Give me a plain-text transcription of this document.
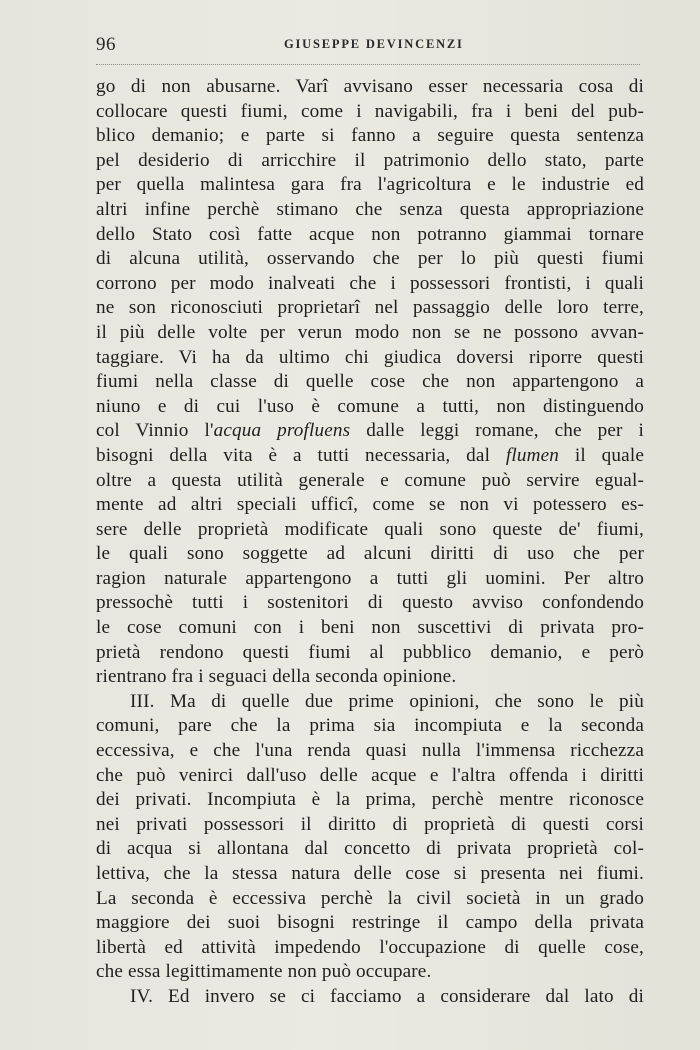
96	GIUSEPPE DEVINCENZI
go di non abusarne. Varî avvisano esser necessaria cosa di
collocare questi fiumi, come i navigabili, fra i beni del pub-
blico demanio; e parte si fanno a seguire questa sentenza
pel desiderio di arricchire il patrimonio dello stato, parte
per quella malintesa gara fra l'agricoltura e le industrie ed
altri infine perchè stimano che senza questa appropriazione
dello Stato così fatte acque non potranno giammai tornare
di alcuna utilità, osservando che per lo più questi fiumi
corrono per modo inalveati che i possessori frontisti, i quali
ne son riconosciuti proprietarî nel passaggio delle loro terre,
il più delle volte per verun modo non se ne possono avvan-
taggiare. Vi ha da ultimo chi giudica doversi riporre questi
fiumi nella classe di quelle cose che non appartengono a
niuno e di cui l'uso è comune a tutti, non distinguendo
col Vinnio l'acqua profluens dalle leggi romane, che per i
bisogni della vita è a tutti necessaria, dal flumen il quale
oltre a questa utilità generale e comune può servire egual-
mente ad altri speciali ufficî, come se non vi potessero es-
sere delle proprietà modificate quali sono queste de' fiumi,
le quali sono soggette ad alcuni diritti di uso che per
ragion naturale appartengono a tutti gli uomini. Per altro
pressochè tutti i sostenitori di questo avviso confondendo
le cose comuni con i beni non suscettivi di privata pro-
prietà rendono questi fiumi al pubblico demanio, e però
rientrano fra i seguaci della seconda opinione.
III. Ma di quelle due prime opinioni, che sono le più
comuni, pare che la prima sia incompiuta e la seconda
eccessiva, e che l'una renda quasi nulla l'immensa ricchezza
che può venirci dall'uso delle acque e l'altra offenda i diritti
dei privati. Incompiuta è la prima, perchè mentre riconosce
nei privati possessori il diritto di proprietà di questi corsi
di acqua si allontana dal concetto di privata proprietà col-
lettiva, che la stessa natura delle cose si presenta nei fiumi.
La seconda è eccessiva perchè la civil società in un grado
maggiore dei suoi bisogni restringe il campo della privata
libertà ed attività impedendo l'occupazione di quelle cose,
che essa legittimamente non può occupare.
IV. Ed invero se ci facciamo a considerare dal lato di
